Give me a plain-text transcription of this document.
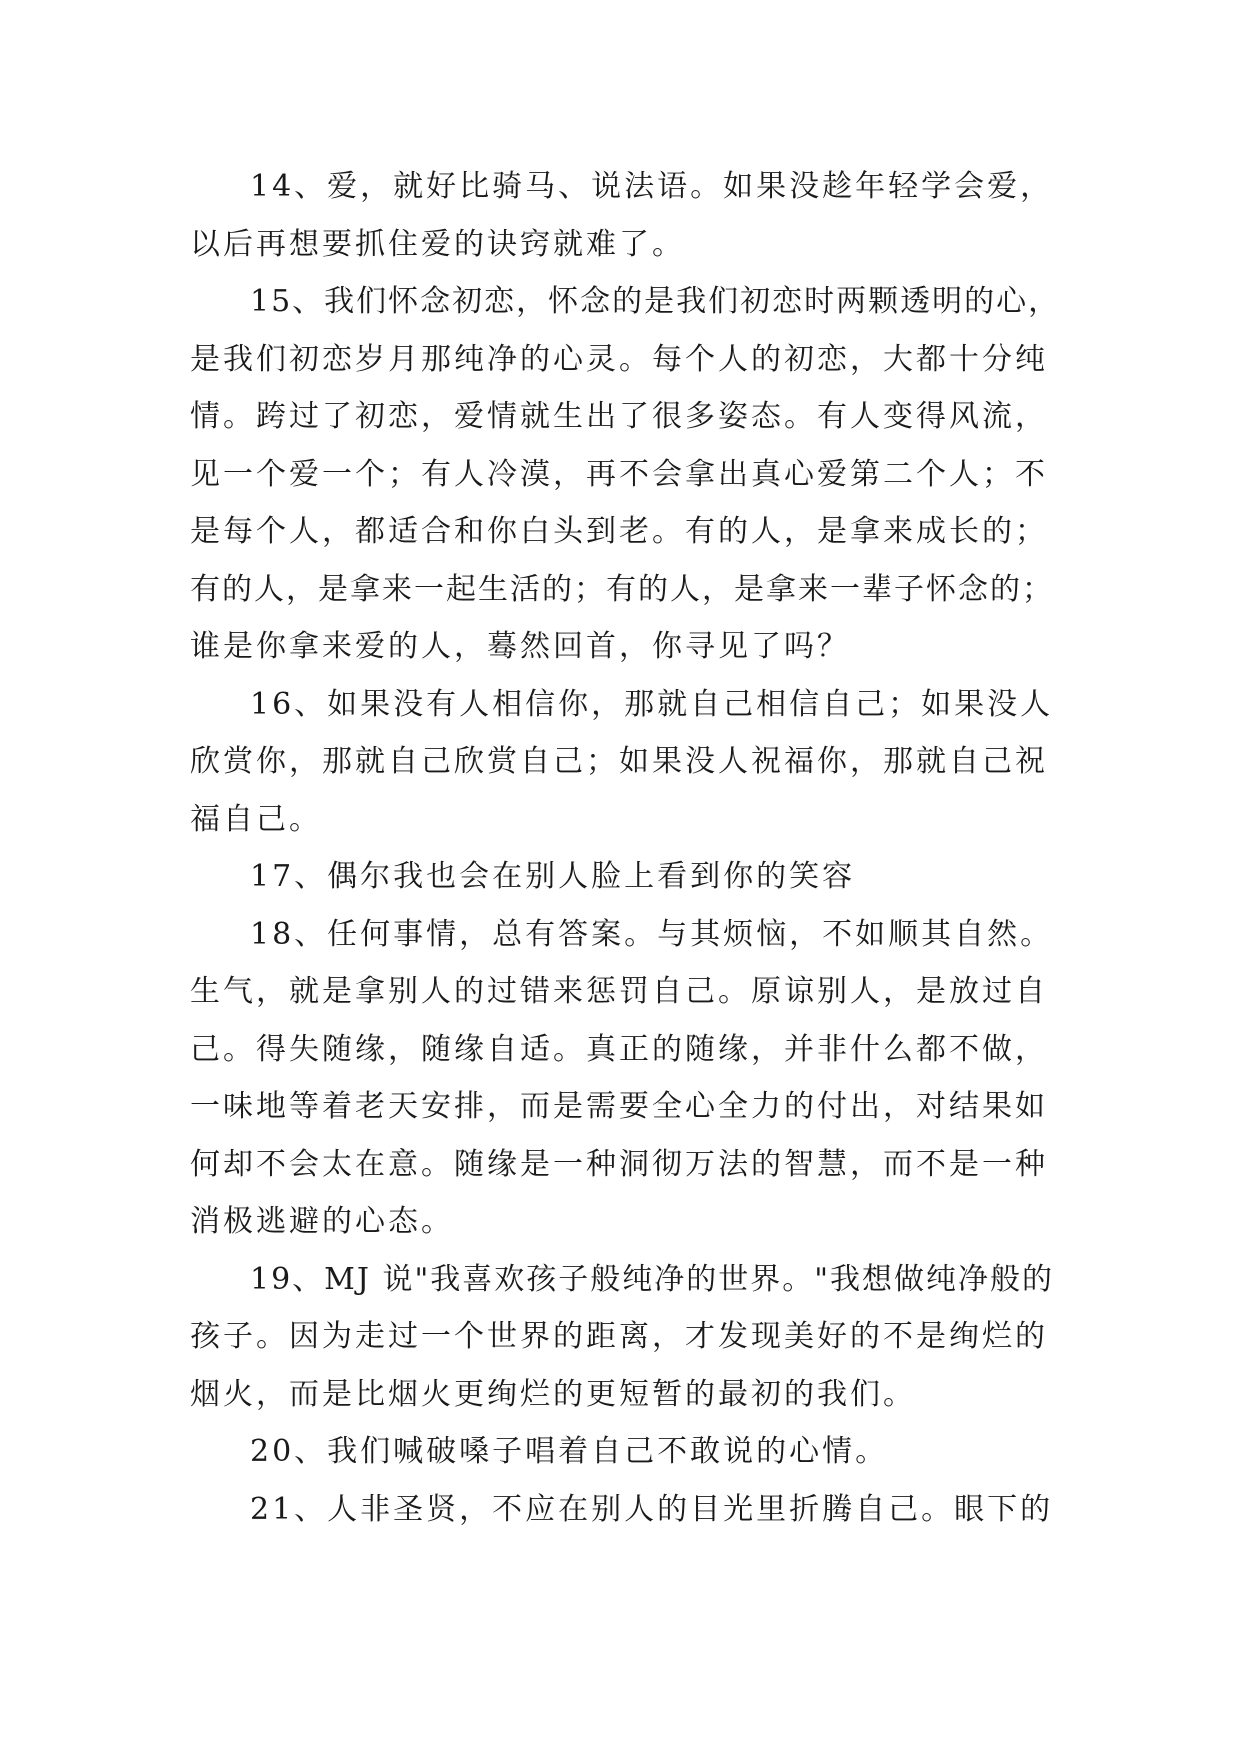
14、爱，就好比骑马、说法语。如果没趁年轻学会爱，
以后再想要抓住爱的诀窍就难了。
15、我们怀念初恋，怀念的是我们初恋时两颗透明的心，
是我们初恋岁月那纯净的心灵。每个人的初恋，大都十分纯
情。跨过了初恋，爱情就生出了很多姿态。有人变得风流，
见一个爱一个；有人冷漠，再不会拿出真心爱第二个人；不
是每个人，都适合和你白头到老。有的人，是拿来成长的；
有的人，是拿来一起生活的；有的人，是拿来一辈子怀念的；
谁是你拿来爱的人，蓦然回首，你寻见了吗？
16、如果没有人相信你，那就自己相信自己；如果没人
欣赏你，那就自己欣赏自己；如果没人祝福你，那就自己祝
福自己。
17、偶尔我也会在别人脸上看到你的笑容
18、任何事情，总有答案。与其烦恼，不如顺其自然。
生气，就是拿别人的过错来惩罚自己。原谅别人，是放过自
己。得失随缘，随缘自适。真正的随缘，并非什么都不做，
一味地等着老天安排，而是需要全心全力的付出，对结果如
何却不会太在意。随缘是一种洞彻万法的智慧，而不是一种
消极逃避的心态。
19、MJ 说"我喜欢孩子般纯净的世界。"我想做纯净般的
孩子。因为走过一个世界的距离，才发现美好的不是绚烂的
烟火，而是比烟火更绚烂的更短暂的最初的我们。
20、我们喊破嗓子唱着自己不敢说的心情。
21、人非圣贤，不应在别人的目光里折腾自己。眼下的
